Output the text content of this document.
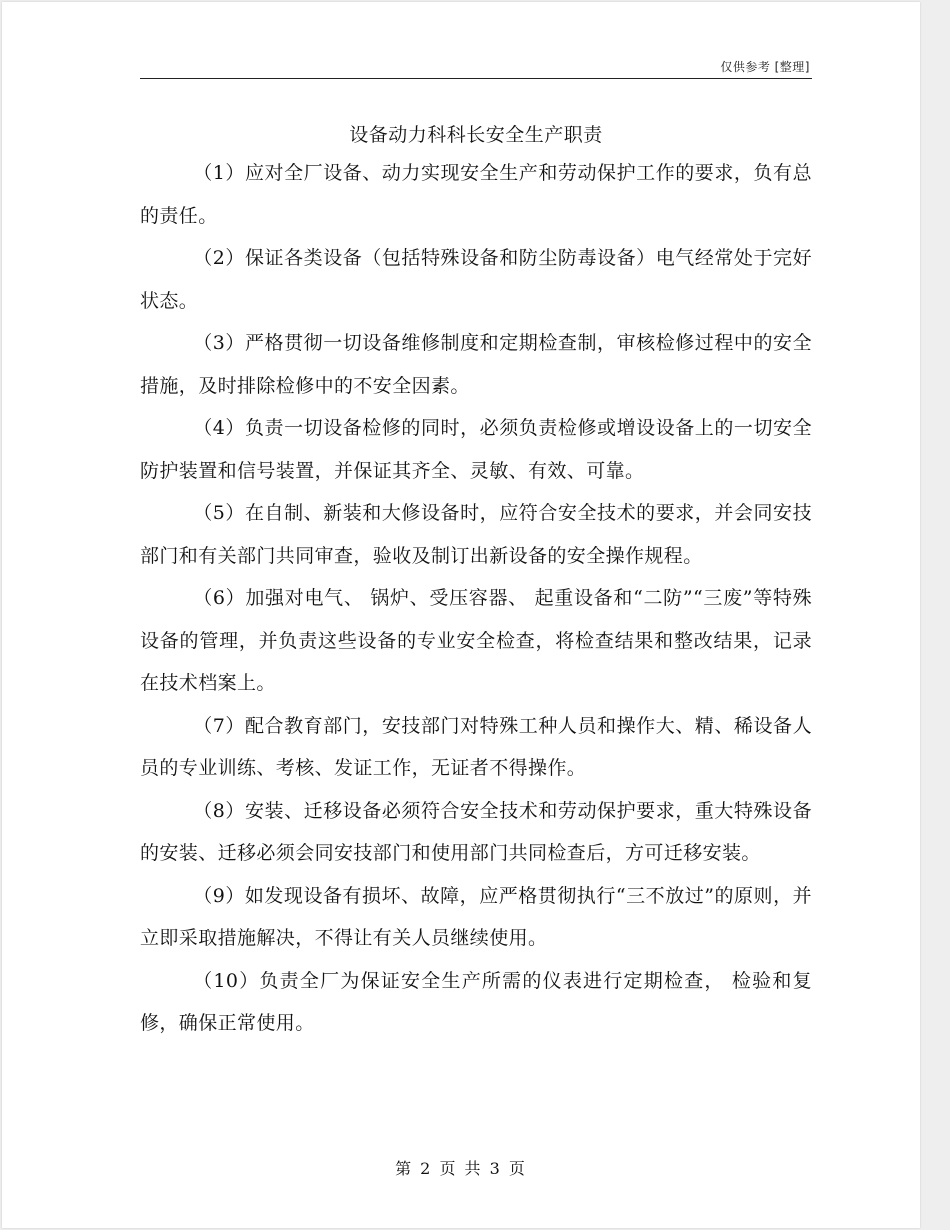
仅供参考 [整理]
设备动力科科长安全生产职责

（1）应对全厂设备、动力实现安全生产和劳动保护工作的要求，负有总的责任。

（2）保证各类设备（包括特殊设备和防尘防毒设备）电气经常处于完好状态。

（3）严格贯彻一切设备维修制度和定期检查制，审核检修过程中的安全措施，及时排除检修中的不安全因素。

（4）负责一切设备检修的同时，必须负责检修或增设设备上的一切安全防护装置和信号装置，并保证其齐全、灵敏、有效、可靠。

（5）在自制、新装和大修设备时，应符合安全技术的要求，并会同安技部门和有关部门共同审查，验收及制订出新设备的安全操作规程。

（6）加强对电气、 锅炉、受压容器、 起重设备和“二防”“三废”等特殊设备的管理，并负责这些设备的专业安全检查，将检查结果和整改结果，记录在技术档案上。

（7）配合教育部门，安技部门对特殊工种人员和操作大、精、稀设备人员的专业训练、考核、发证工作，无证者不得操作。

（8）安装、迁移设备必须符合安全技术和劳动保护要求，重大特殊设备的安装、迁移必须会同安技部门和使用部门共同检查后，方可迁移安装。

（9）如发现设备有损坏、故障，应严格贯彻执行“三不放过”的原则，并立即采取措施解决，不得让有关人员继续使用。

（10）负责全厂为保证安全生产所需的仪表进行定期检查， 检验和复修，确保正常使用。

第 2 页 共 3 页
